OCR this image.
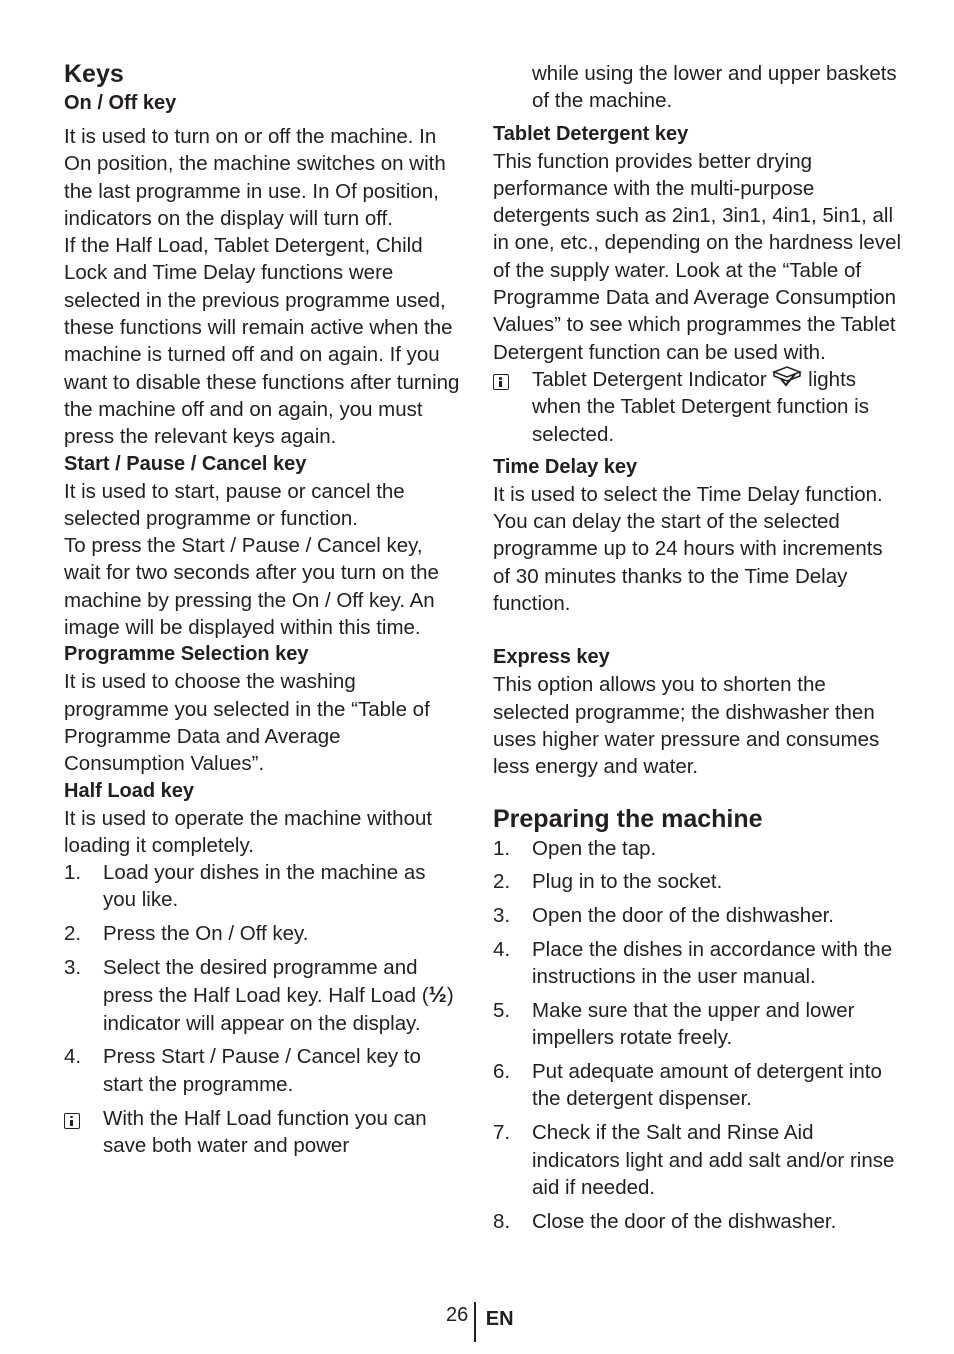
Keys
On / Off key

It is used to turn on or off the machine. In On position, the machine switches on with the last programme in use. In Of position, indicators on the display will turn off.

If the Half Load, Tablet Detergent, Child Lock and Time Delay functions were selected in the previous programme used, these functions will remain active when the machine is turned off and on again. If you want to disable these functions after turning the machine off and on again, you must press the relevant keys again.

Start / Pause / Cancel key

It is used to start, pause or cancel the selected programme or function.

To press the Start / Pause / Cancel key, wait for two seconds after you turn on the machine by pressing the On / Off key. An image will be displayed within this time.

Programme Selection key

It is used to choose the washing programme you selected in the “Table of Programme Data and Average Consumption Values”.

Half Load key

It is used to operate the machine without loading it completely.

1.	Load your dishes in the machine as you like.
2.	Press the On / Off key.
3.	Select the desired programme and press the Half Load key. Half Load (½) indicator will appear on the display.
4.	Press Start / Pause / Cancel key to start the programme.
With the Half Load function you can save both water and power

while using the lower and upper baskets of the machine.

Tablet Detergent key

This function provides better drying performance with the multi-purpose detergents such as 2in1, 3in1, 4in1, 5in1, all in one, etc., depending on the hardness level of the supply water. Look at the “Table of Programme Data and Average Consumption Values” to see which programmes the Tablet Detergent function can be used with.

Tablet Detergent Indicator lights when the Tablet Detergent function is selected.
Time Delay key

It is used to select the Time Delay function. You can delay the start of the selected programme up to 24 hours with increments of 30 minutes thanks to the Time Delay function.

Express key

This option allows you to shorten the selected programme; the dishwasher then uses higher water pressure and consumes less energy and water.

Preparing the machine
1.	Open the tap.
2.	Plug in to the socket.
3.	Open the door of the dishwasher.
4.	Place the dishes in accordance with the instructions in the user manual.
5.	Make sure that the upper and lower impellers rotate freely.
6.	Put adequate amount of detergent into the detergent dispenser.
7.	Check if the Salt and Rinse Aid indicators light and add salt and/or rinse aid if needed.
8.	Close the door of the dishwasher.
26 EN
